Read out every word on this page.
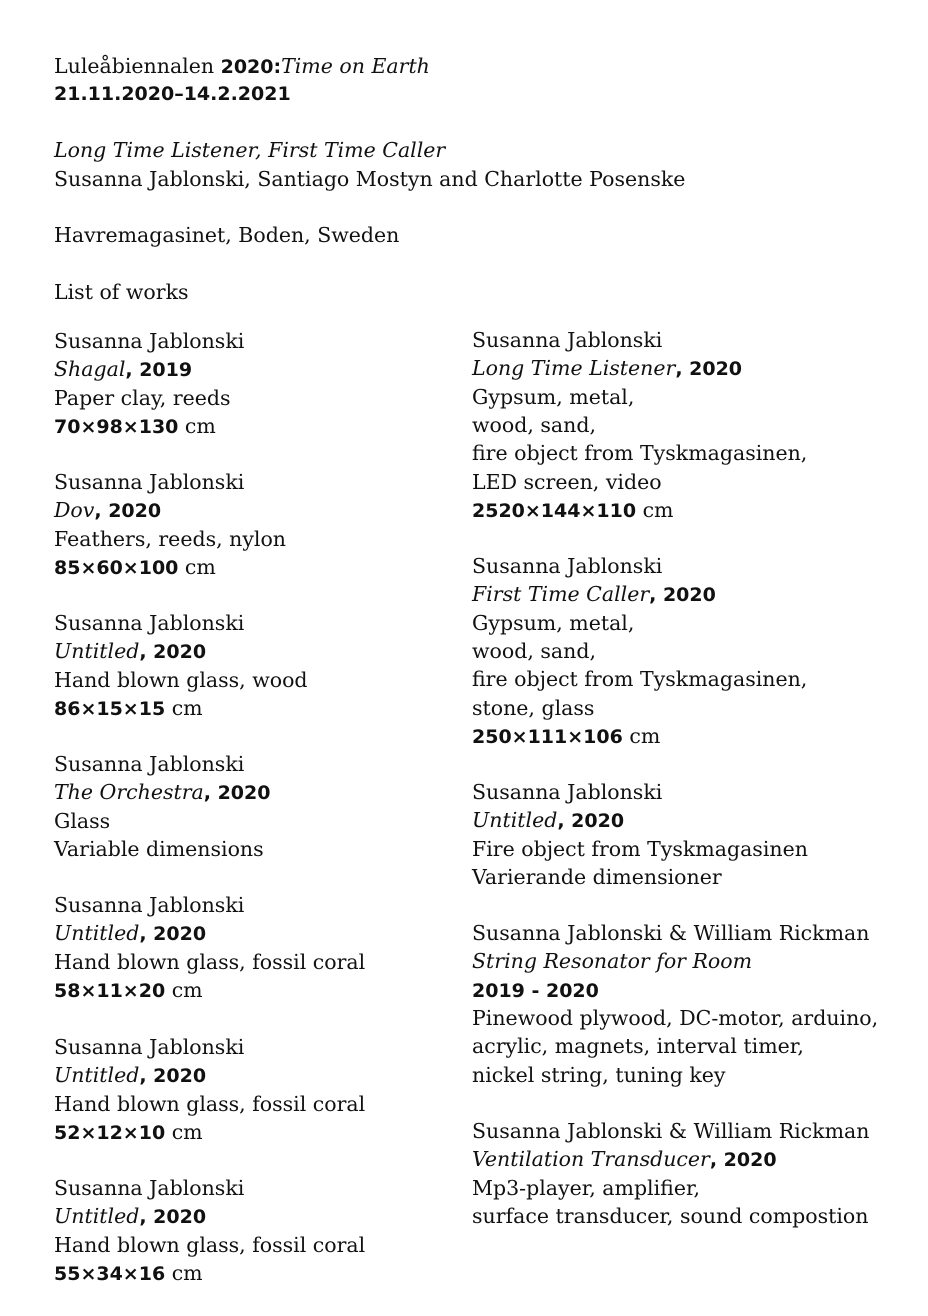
Luleåbiennalen 2020:Time on Earth
21.11.2020–14.2.2021
Long Time Listener, First Time Caller
Susanna Jablonski, Santiago Mostyn and Charlotte Posenske
Havremagasinet, Boden, Sweden
List of works
Susanna Jablonski
Shagal, 2019
Paper clay, reeds
70×98×130 cm
Susanna Jablonski
Dov, 2020
Feathers, reeds, nylon
85×60×100 cm
Susanna Jablonski
Untitled, 2020
Hand blown glass, wood
86×15×15 cm
Susanna Jablonski
The Orchestra, 2020
Glass
Variable dimensions
Susanna Jablonski
Untitled, 2020
Hand blown glass, fossil coral
58×11×20 cm
Susanna Jablonski
Untitled, 2020
Hand blown glass, fossil coral
52×12×10 cm
Susanna Jablonski
Untitled, 2020
Hand blown glass, fossil coral
55×34×16 cm
Susanna Jablonski
Long Time Listener, 2020
Gypsum, metal,
wood, sand,
fire object from Tyskmagasinen,
LED screen, video
2520×144×110 cm
Susanna Jablonski
First Time Caller, 2020
Gypsum, metal,
wood, sand,
fire object from Tyskmagasinen,
stone, glass
250×111×106 cm
Susanna Jablonski
Untitled, 2020
Fire object from Tyskmagasinen
Varierande dimensioner
Susanna Jablonski & William Rickman
String Resonator for Room
2019 - 2020
Pinewood plywood, DC-motor, arduino,
acrylic, magnets, interval timer,
nickel string, tuning key
Susanna Jablonski & William Rickman
Ventilation Transducer, 2020
Mp3-player, amplifier,
surface transducer, sound compostion
